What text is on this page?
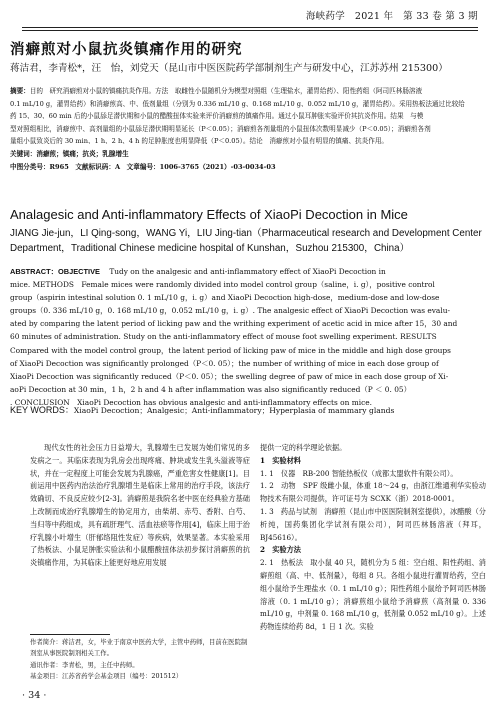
海峡药学　2021 年　第 33 卷 第 3 期
消癖煎对小鼠抗炎镇痛作用的研究
蒋洁君，李青松*，汪　怡，刘党天（昆山市中医医院药学部制剂生产与研发中心，江苏苏州 215300）
摘要：目的　研究消癖煎对小鼠的镇痛抗炎作用。方法　取雌性小鼠随机分为模型对照组（生理盐水，灌胃给药）、阳性药组（阿司匹林肠溶液
0.1 mL/10 g，灌胃给药）和消癖煎高、中、低剂量组（分别为 0.336 mL/10 g、0.168 mL/10 g、0.052 mL/10 g，灌胃给药）。采用热板法通过比较给
药 15、30、60 min 后的小鼠舔足潜伏期和小鼠的醋酸扭体实验来评价消癖煎的镇痛作用。通过小鼠耳肿胀实验评价其抗炎作用。结果　与模
型对照组相比，消癖煎中、高剂量组的小鼠舔足潜伏期明显延长（P＜0.05）；消癖煎各剂量组的小鼠扭体次数明显减少（P＜0.05）；消癖煎各剂
量组小鼠致炎后的 30 min、1 h、2 h、4 h 的足肿胀度也明显降低（P＜0.05）。结论　消癖煎对小鼠有明显的镇痛、抗炎作用。
关键词：消癖煎；镇痛；抗炎；乳腺增生
中图分类号：R965　文献标识码：A　文章编号：1006-3765（2021）-03-0034-03
Analagesic and Anti-inflammatory Effects of XiaoPi Decoction in Mice
JIANG Jie-jun，LI Qing-song，WANG Yi，LIU Jing-tian（Pharmaceutical research and Development Center Department，Traditional Chinese medicine hospital of Kunshan，Suzhou 215300，China）
ABSTRACT：OBJECTIVE Tudy on the analgesic and anti-inflammatory effect of XiaoPi Decoction in
mice. METHODS　Female mices were randomly divided into model control group（saline，i. g），positive control
group（aspirin intestinal solution 0. 1 mL/10 g，i. g）and XiaoPi Decoction high-dose，medium-dose and low-dose
groups（0. 336 mL/10 g，0. 168 mL/10 g，0.052 mL/10 g，i. g）. The analgesic effect of XiaoPi Decoction was evalu-
ated by comparing the latent period of licking paw and the writhing experiment of acetic acid in mice after 15，30 and
60 minutes of administration. Study on the anti-inflammatory effect of mouse foot swelling experiment. RESULTS
Compared with the model control group，the latent period of licking paw of mice in the middle and high dose groups
of XiaoPi Decoction was significantly prolonged（P＜0. 05）；the number of writhing of mice in each dose group of
XiaoPi Decoction was significantly reduced（P＜0. 05）；the swelling degree of paw of mice in each dose group of Xi-
aoPi Decoction at 30 min，1 h，2 h and 4 h after inflammation was also significantly reduced（P ＜ 0. 05）
. CONCLUSION　XiaoPi Decoction has obvious analgesic and anti-inflammatory effects on mice.
KEY WORDS：XiaoPi Decoction；Analgesic；Anti-inflammatory；Hyperplasia of mammary glands
现代女性的社会压力日益增大，乳腺增生已发展为她们常见的多发病之一。其临床表现为乳房会出现疼痛、肿块或发生乳头溢液等症状，并在一定程度上可能会发展为乳腺癌，严重危害女性健康[1]。目前运用中医药内治法治疗乳腺增生是临床上常用的治疗手段，该法疗效确切、不良反应较少[2-3]。消癖煎是我院名老中医在经典验方基础上改制而成治疗乳腺增生的协定用方，由柴胡、赤芍、香附、白芍、当归等中药组成，具有疏肝理气、活血祛瘀等作用[4]，临床上用于治疗乳腺小叶增生（肝郁络阻性发症）等疾病，效果显著。本实验采用了热板法、小鼠足肿胀实验法和小鼠醋酸扭体法初步探讨消癖煎的抗炎镇痛作用，为其临床上能更好地应用发展

提供一定的科学理论依据。

1　实验材料

1. 1　仪器　RB-200 智能热板仪（成都太盟软件有限公司）。

1. 2　动物　SPF 级雌小鼠，体重 18～24 g，由浙江维通利华实验动物技术有限公司提供，许可证号为 SCXK（浙）2018-0001。

1. 3　药品与试剂　消癖煎（昆山市中医医院制剂室提供），冰醋酸（分析纯，国药集团化学试剂有限公司），阿司匹林肠溶液（拜耳，BJ45616）。

2　实验方法

2. 1　热板法　取小鼠 40 只，随机分为 5 组：空白组、阳性药组、消癖煎组（高、中、低剂量），每组 8 只。各组小鼠进行灌胃给药，空白组小鼠给予生理盐水（0. 1 mL/10 g）；阳性药组小鼠给予阿司匹林肠溶液（0. 1 mL/10 g）；消癖煎组小鼠给予消癖煎（高剂量 0. 336 mL/10 g，中剂量 0. 168 mL/10 g，低剂量 0.052 mL/10 g）。上述药物连续给药 8d，1 日 1 次。实验

作者简介：蒋洁君，女，毕业于南京中医药大学，主管中药师，目前在医院制剂室从事医院制剂相关工作。
通讯作者：李青松，男，主任中药师。
基金项目：江苏省药学会基金项目（编号：201512）
· 34 ·
